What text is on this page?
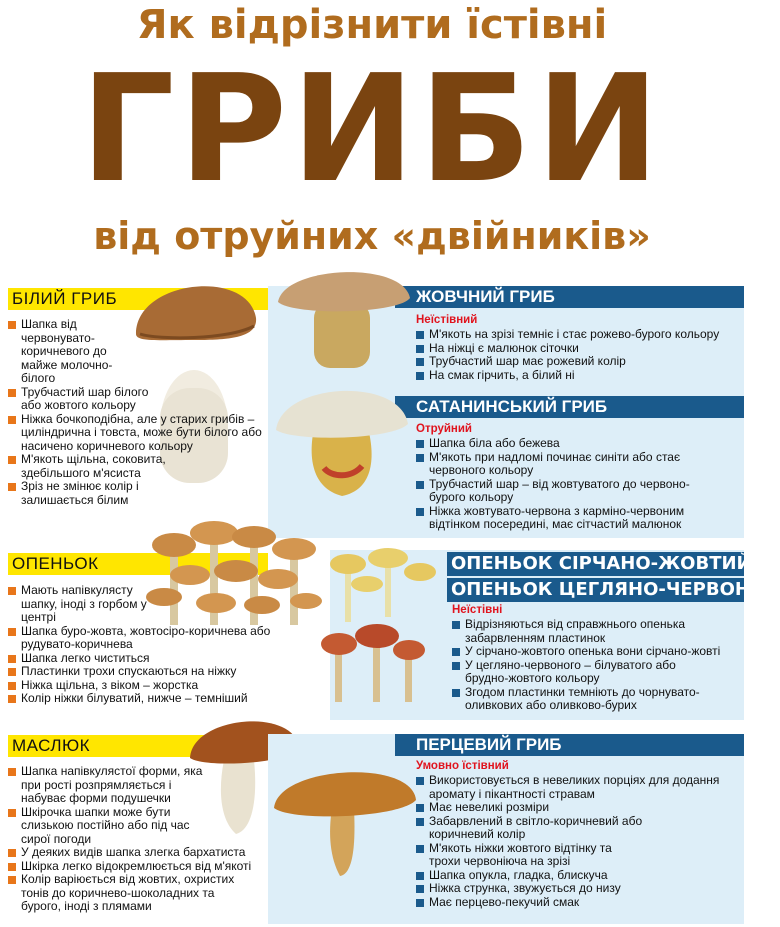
Як відрізнити їстівні
ГРИБИ
від отруйних «двійників»
БІЛИЙ ГРИБ
Шапка від червонувато-коричневого до майже молочно-білого
Трубчастий шар білого або жовтого кольору
Ніжка бочкоподібна, але у старих грибів – циліндрична і товста, може бути білого або насичено коричневого кольору
М'якоть щільна, соковита, здебільшого м'ясиста
Зріз не змінює колір і залишається білим
ЖОВЧНИЙ ГРИБ
Неїстівний
М'якоть на зрізі темніє і стає рожево-бурого кольору
На ніжці є малюнок сіточки
Трубчастий шар має рожевий колір
На смак гірчить, а білий ні
САТАНИНСЬКИЙ ГРИБ
Отруйний
Шапка біла або бежева
М'якоть при надломі починає синіти або стає червоного кольору
Трубчастий шар – від жовтуватого до червоно-бурого кольору
Ніжка жовтувато-червона з карміно-червоним відтінком посередині, має сітчастий малюнок
ОПЕНЬОК
Мають напівкулясту шапку, іноді з горбом у центрі
Шапка буро-жовта, жовтосіро-коричнева або рудувато-коричнева
Шапка легко чиститься
Пластинки трохи спускаються на ніжку
Ніжка щільна, з віком – жорстка
Колір ніжки білуватий, нижче – темніший
ОПЕНЬОК СІРЧАНО-ЖОВТИЙ
ОПЕНЬОК ЦЕГЛЯНО-ЧЕРВОНИЙ
Неїстівні
Відрізняються від справжнього опенька забарвленням пластинок
У сірчано-жовтого опенька вони сірчано-жовті
У цегляно-червоного – білуватого або брудно-жовтого кольору
Згодом пластинки темніють до чорнувато-оливкових або оливково-бурих
МАСЛЮК
Шапка напівкулястої форми, яка при рості розпрямляється і набуває форми подушечки
Шкірочка шапки може бути слизькою постійно або під час сирої погоди
У деяких видів шапка злегка бархатиста
Шкірка легко відокремлюється від м'якоті
Колір варіюється від жовтих, охристих тонів до коричнево-шоколадних та бурого, іноді з плямами
ПЕРЦЕВИЙ ГРИБ
Умовно їстівний
Використовується в невеликих порціях для додання аромату і пікантності стравам
Має невеликі розміри
Забарвлений в світло-коричневий або коричневий колір
М'якоть ніжки жовтого відтінку та трохи червоніюча на зрізі
Шапка опукла, гладка, блискуча
Ніжка струнка, звужується до низу
Має перцево-пекучий смак
